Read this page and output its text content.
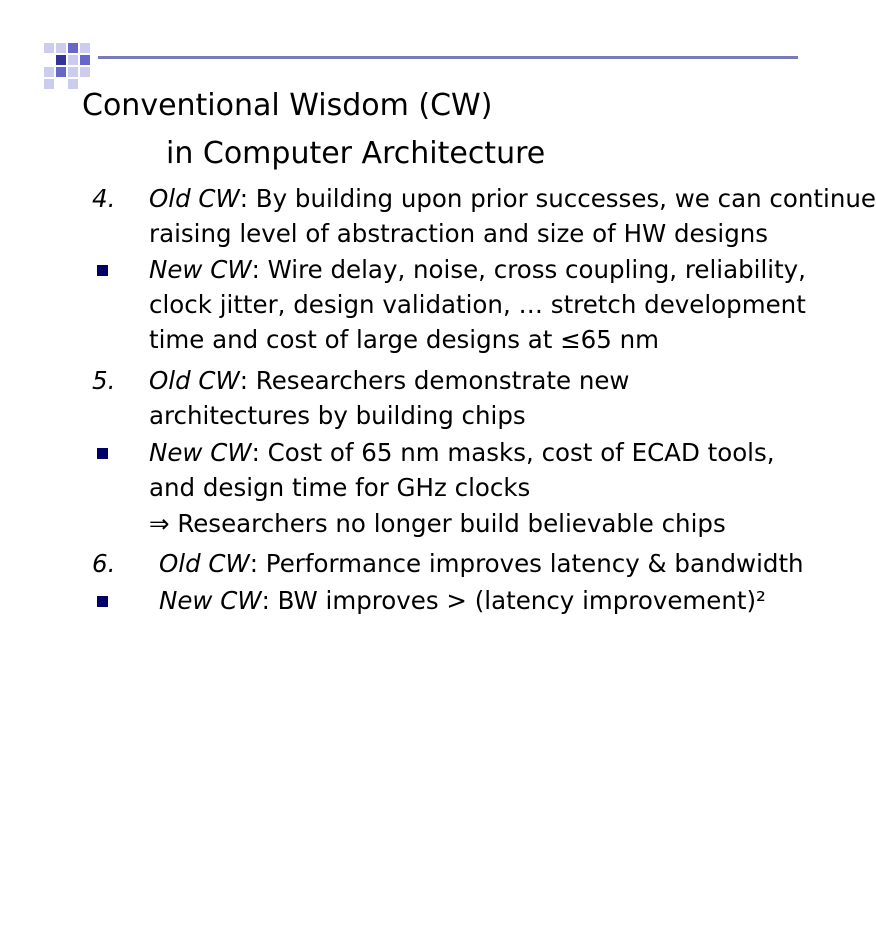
Conventional Wisdom (CW)
in Computer Architecture
4. Old CW: By building upon prior successes, we can continue
raising level of abstraction and size of HW designs
New CW: Wire delay, noise, cross coupling, reliability,
clock jitter, design validation, … stretch development
time and cost of large designs at ≤65 nm
5. Old CW: Researchers demonstrate new
architectures by building chips
New CW: Cost of 65 nm masks, cost of ECAD tools,
and design time for GHz clocks
⇒ Researchers no longer build believable chips
6. Old CW: Performance improves latency & bandwidth
New CW: BW improves > (latency improvement)²
